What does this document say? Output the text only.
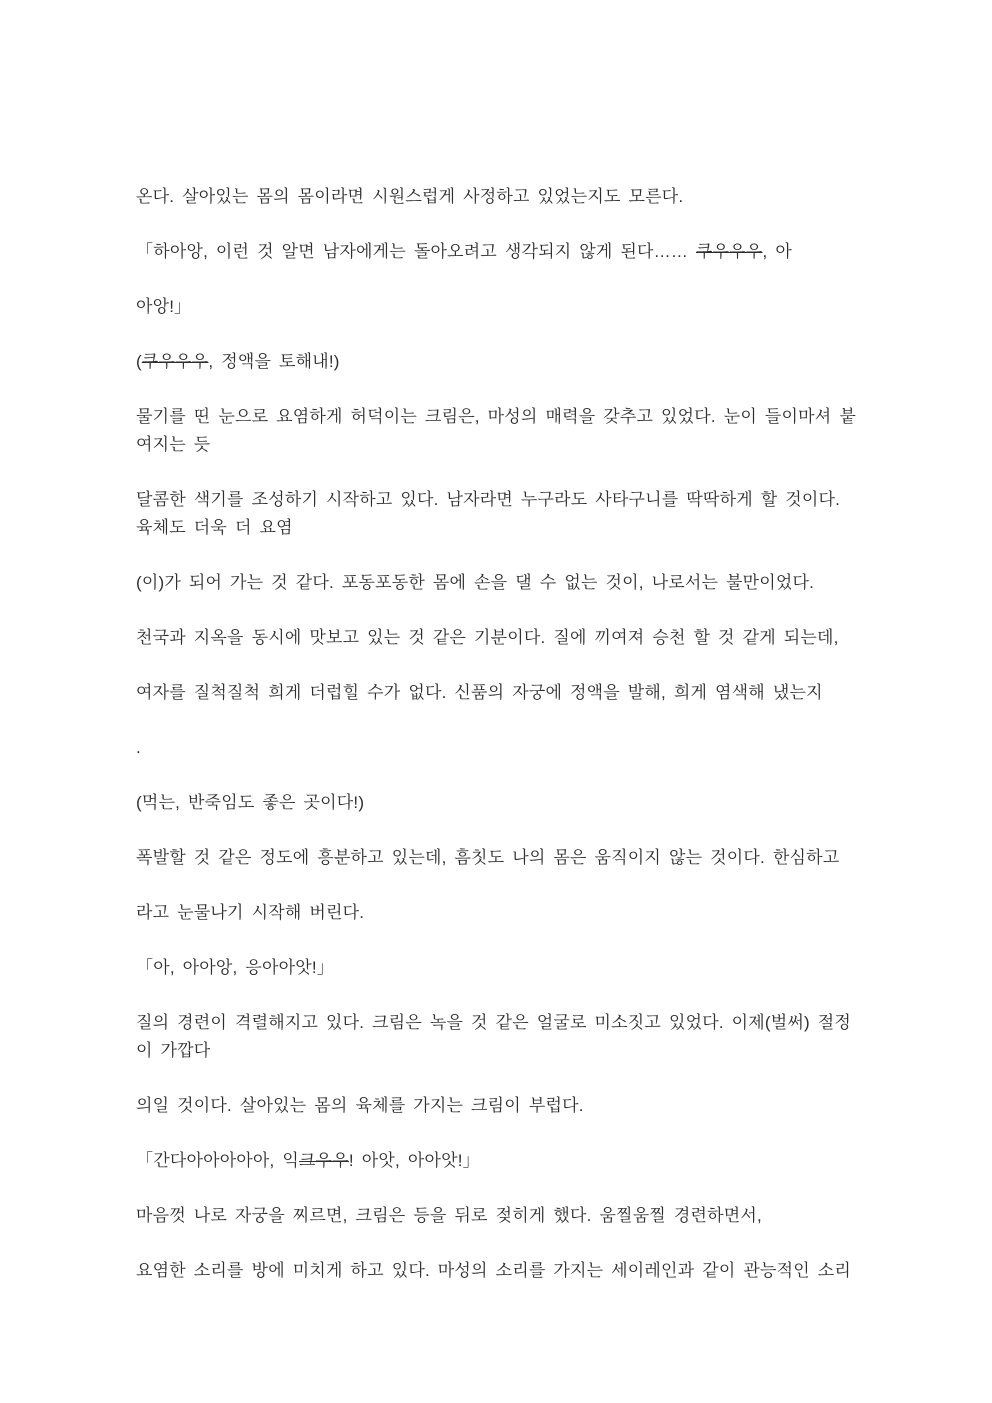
온다. 살아있는 몸의 몸이라면 시원스럽게 사정하고 있었는지도 모른다.

「하아앙, 이런 것 알면 남자에게는 돌아오려고 생각되지 않게 된다…… 쿠우우우, 아

아앙!」

(쿠우우우, 정액을 토해내!)

물기를 띤 눈으로 요염하게 허덕이는 크림은, 마성의 매력을 갖추고 있었다. 눈이 들이마셔 붙여지는 듯

달콤한 색기를 조성하기 시작하고 있다. 남자라면 누구라도 사타구니를 딱딱하게 할 것이다. 육체도 더욱 더 요염

(이)가 되어 가는 것 같다. 포동포동한 몸에 손을 댈 수 없는 것이, 나로서는 불만이었다.

천국과 지옥을 동시에 맛보고 있는 것 같은 기분이다. 질에 끼여져 승천 할 것 같게 되는데,

여자를 질척질척 희게 더럽힐 수가 없다. 신품의 자궁에 정액을 발해, 희게 염색해 냈는지

.

(먹는, 반죽임도 좋은 곳이다!)

폭발할 것 같은 정도에 흥분하고 있는데, 흠칫도 나의 몸은 움직이지 않는 것이다. 한심하고

라고 눈물나기 시작해 버린다.

「아, 아아앙, 응아아앗!」

질의 경련이 격렬해지고 있다. 크림은 녹을 것 같은 얼굴로 미소짓고 있었다. 이제(벌써) 절정이 가깝다

의일 것이다. 살아있는 몸의 육체를 가지는 크림이 부럽다.

「간다아아아아아, 익크우우! 아앗, 아아앗!」

마음껏 나로 자궁을 찌르면, 크림은 등을 뒤로 젖히게 했다. 움찔움찔 경련하면서,

요염한 소리를 방에 미치게 하고 있다. 마성의 소리를 가지는 세이레인과 같이 관능적인 소리
